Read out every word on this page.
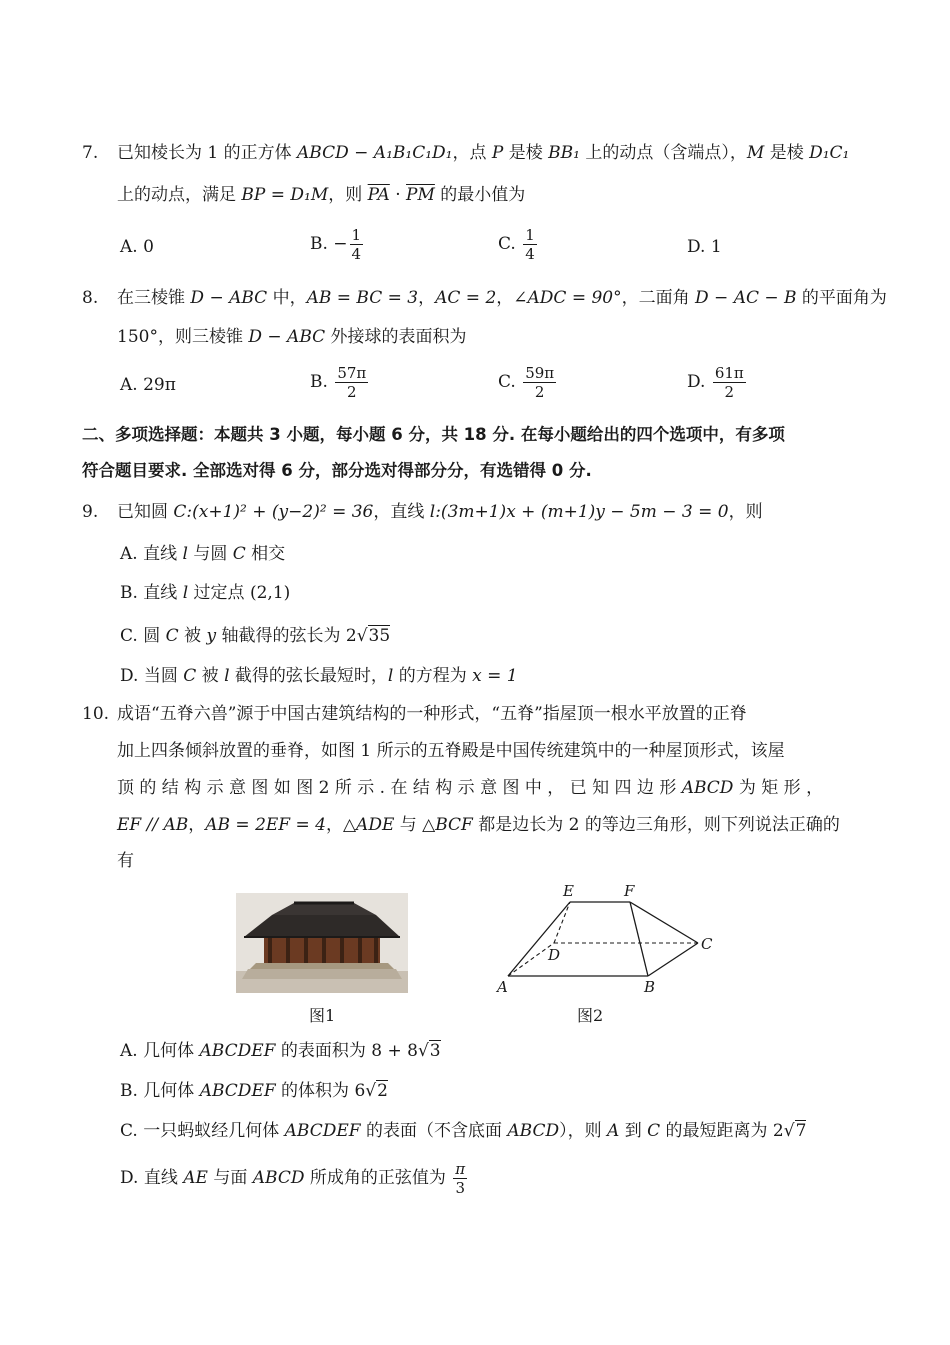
7. 已知棱长为 1 的正方体 ABCD − A₁B₁C₁D₁，点 P 是棱 BB₁ 上的动点（含端点），M 是棱 D₁C₁
上的动点，满足 BP = D₁M，则 $\overline{PA} \cdot \overline{PM}$ 的最小值为
A. 0	B. − $\frac{1}{4}$	C. $\frac{1}{4}$	D. 1
8. 在三棱锥 D − ABC 中，AB = BC = 3，AC = 2，∠ADC = 90°，二面角 D − AC − B 的平面角为
150°，则三棱锥 D − ABC 外接球的表面积为
A. 29π	B. $\frac{57\pi}{2}$	C. $\frac{59\pi}{2}$	D. $\frac{61\pi}{2}$
二、多项选择题：本题共 3 小题，每小题 6 分，共 18 分. 在每小题给出的四个选项中，有多项
符合题目要求. 全部选对得 6 分，部分选对得部分分，有选错得 0 分.
9. 已知圆 C:(x+1)² + (y−2)² = 36，直线 l:(3m+1)x + (m+1)y − 5m − 3 = 0，则
A. 直线 l 与圆 C 相交
B. 直线 l 过定点 (2,1)
C. 圆 C 被 y 轴截得的弦长为 2√35
D. 当圆 C 被 l 截得的弦长最短时，l 的方程为 x = 1
10. 成语“五脊六兽”源于中国古建筑结构的一种形式，“五脊”指屋顶一根水平放置的正脊
加上四条倾斜放置的垂脊，如图 1 所示的五脊殿是中国传统建筑中的一种屋顶形式，该屋
顶 的 结 构 示 意 图 如 图 2 所 示 . 在 结 构 示 意 图 中 ， 已 知 四 边 形 ABCD 为 矩 形 ，
EF // AB，AB = 2EF = 4，△ADE 与 △BCF 都是边长为 2 的等边三角形，则下列说法正确的
有
图1
E	F
D
C
A	B
图2
A. 几何体 ABCDEF 的表面积为 8 + 8√3
B. 几何体 ABCDEF 的体积为 6√2
C. 一只蚂蚁经几何体 ABCDEF 的表面（不含底面 ABCD），则 A 到 C 的最短距离为 2√7
D. 直线 AE 与面 ABCD 所成角的正弦值为 $\frac{\pi}{3}$
